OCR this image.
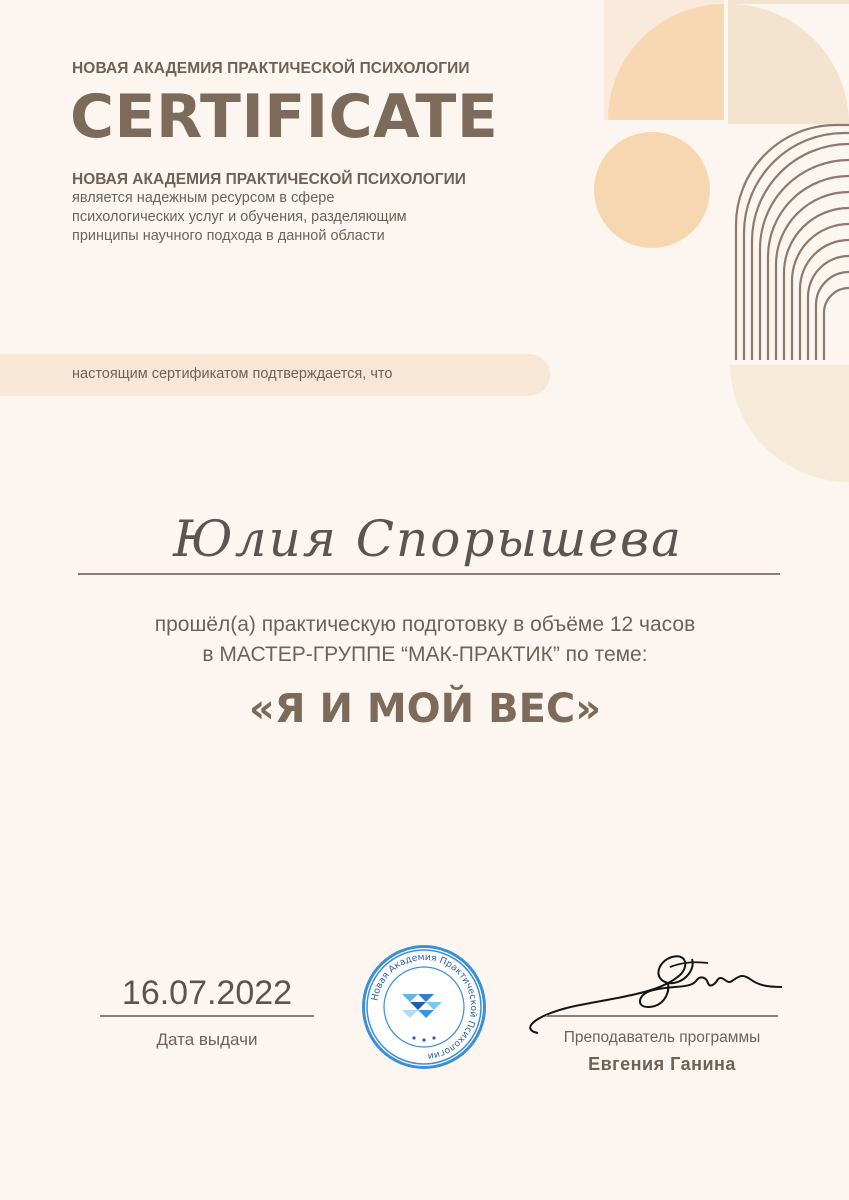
НОВАЯ АКАДЕМИЯ ПРАКТИЧЕСКОЙ ПСИХОЛОГИИ
CERTIFICATE
НОВАЯ АКАДЕМИЯ ПРАКТИЧЕСКОЙ ПСИХОЛОГИИ
является надежным ресурсом в сфере
психологических услуг и обучения, разделяющим
принципы научного подхода в данной области
настоящим сертификатом подтверждается, что
Юлия Спорышева
прошёл(а) практическую подготовку в объёме 12 часов
в МАСТЕР-ГРУППЕ “МАК-ПРАКТИК” по теме:
«Я И МОЙ ВЕС»
16.07.2022
Дата выдачи
Новая Академия Практической Психологии
Преподаватель программы
Евгения Ганина
